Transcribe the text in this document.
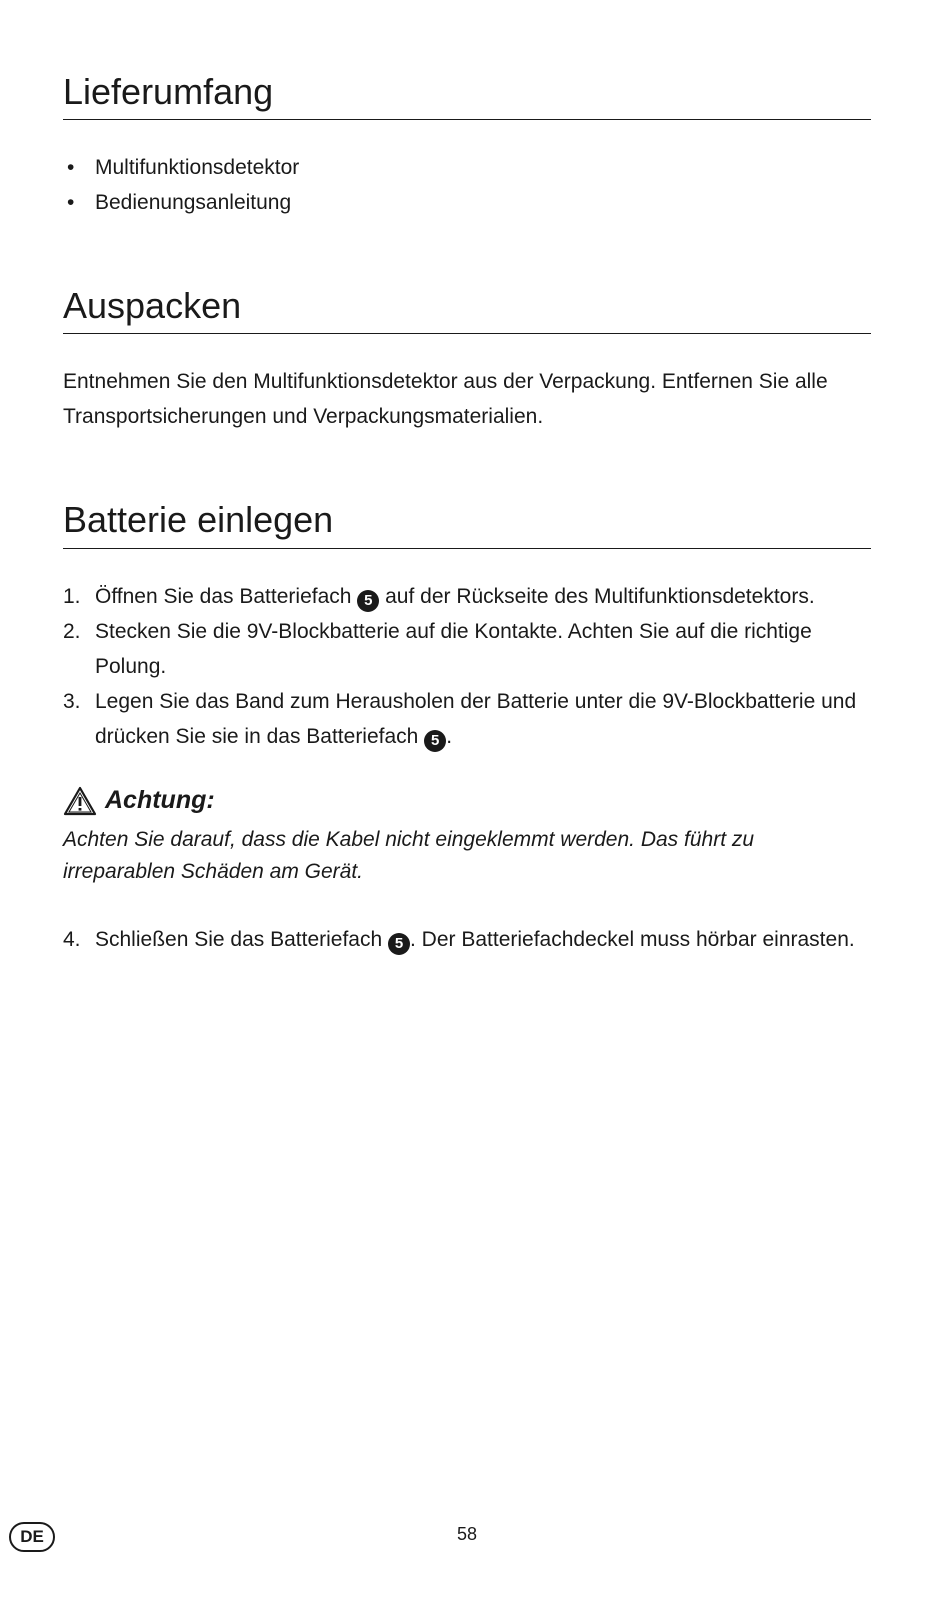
Lieferumfang
• Multifunktionsdetektor
• Bedienungsanleitung
Auspacken

Entnehmen Sie den Multifunktionsdetektor aus der Verpackung. Entfernen Sie alle Transportsicherungen und Verpackungsmaterialien.

Batterie einlegen
1. Öffnen Sie das Batteriefach 5 auf der Rückseite des Multifunktionsdetektors.
2. Stecken Sie die 9V-Blockbatterie auf die Kontakte. Achten Sie auf die richtige Polung.
3. Legen Sie das Band zum Herausholen der Batterie unter die 9V-Blockbatterie und drücken Sie sie in das Batteriefach 5 .
Achtung:

Achten Sie darauf, dass die Kabel nicht eingeklemmt werden. Das führt zu irreparablen Schäden am Gerät.

4. Schließen Sie das Batteriefach 5 . Der Batteriefachdeckel muss hörbar einrasten.
DE	58
